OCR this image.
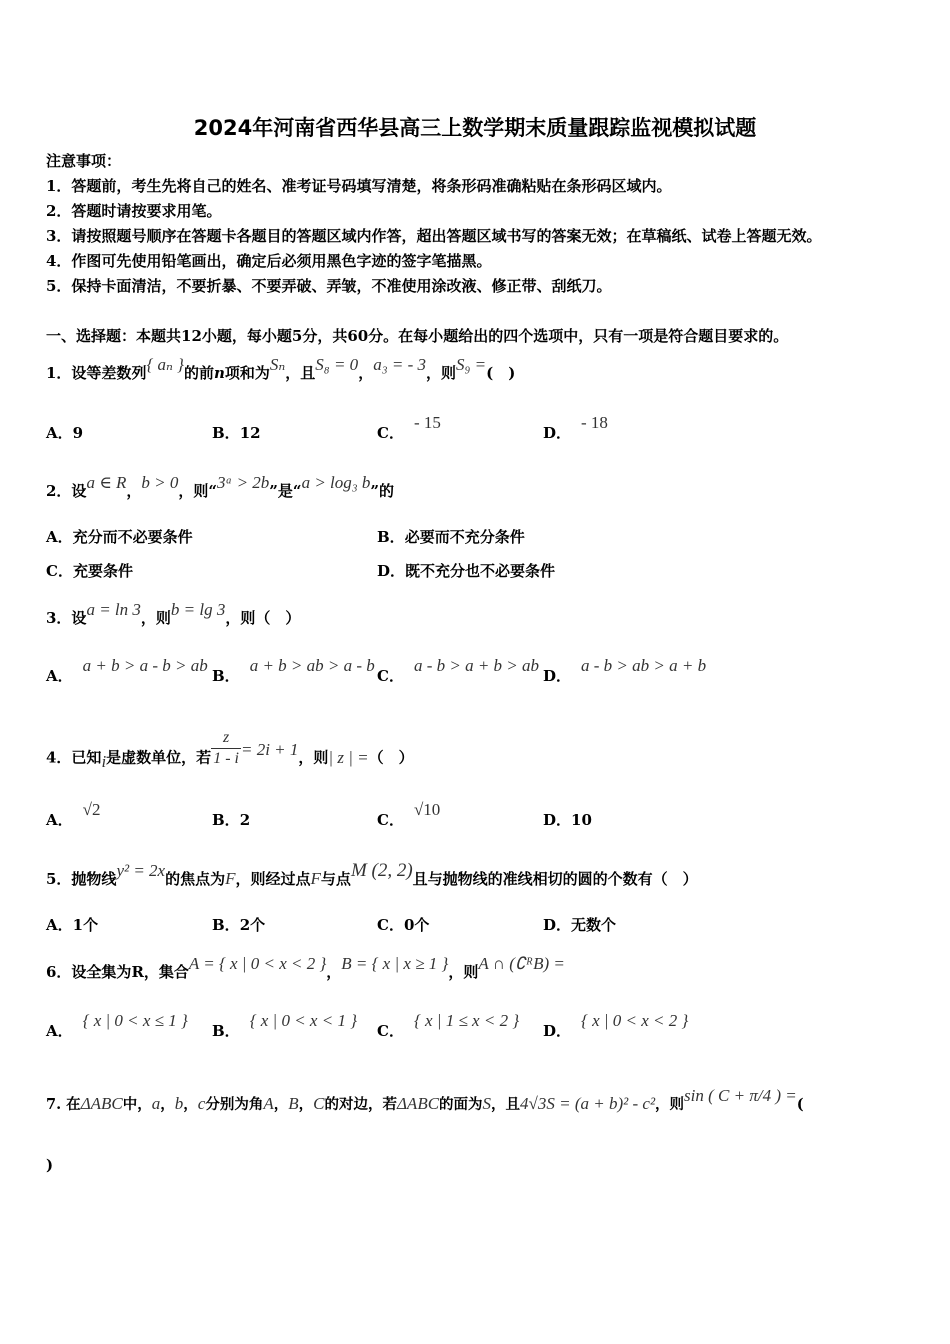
2024年河南省西华县高三上数学期末质量跟踪监视模拟试题
注意事项：
1．答题前，考生先将自己的姓名、准考证号码填写清楚，将条形码准确粘贴在条形码区域内。
2．答题时请按要求用笔。
3．请按照题号顺序在答题卡各题目的答题区域内作答，超出答题区域书写的答案无效；在草稿纸、试卷上答题无效。
4．作图可先使用铅笔画出，确定后必须用黑色字迹的签字笔描黑。
5．保持卡面清洁，不要折暴、不要弄破、弄皱，不准使用涂改液、修正带、刮纸刀。
一、选择题：本题共12小题，每小题5分，共60分。在每小题给出的四个选项中，只有一项是符合题目要求的。
1．设等差数列{ aₙ }的前n项和为Sₙ，且S₈ = 0，a₃ = - 3，则S₉ =(　)
A．9	B．12	C．- 15
D．- 18
2．设a ∈ R，b > 0，则“3ᵃ > 2b”是“a > log₃ b”的
A．充分而不必要条件	B．必要而不充分条件
C．充要条件	D．既不充分也不必要条件
3．设a = ln 3，则b = lg 3，则（　）
A．a + b > a - b > ab
B．a + b > ab > a - b
C．a - b > a + b > ab
D．a - b > ab > a + b
4．已知i是虚数单位，若 $\frac{z}{1 - i} = 2i + 1$，则| z | =（　）
A．√2
B．2	C．√10
D．10
5．抛物线y² = 2x的焦点为F，则经过点F与点M (2, 2)且与抛物线的准线相切的圆的个数有（　）
A．1个	B．2个	C．0个	D．无数个
6．设全集为R，集合A = { x | 0 < x < 2 }，B = { x | x ≥ 1 }，则A ∩ (∁ᴿB) =
A．{ x | 0 < x ≤ 1 }
B．{ x | 0 < x < 1 }
C．{ x | 1 ≤ x < 2 }
D．{ x | 0 < x < 2 }
7. 在ΔABC中，a，b，c分别为角A，B，C的对边，若ΔABC的面为S，且4√3S = (a + b)² - c²，则sin ( C + π/4 ) =(
)
